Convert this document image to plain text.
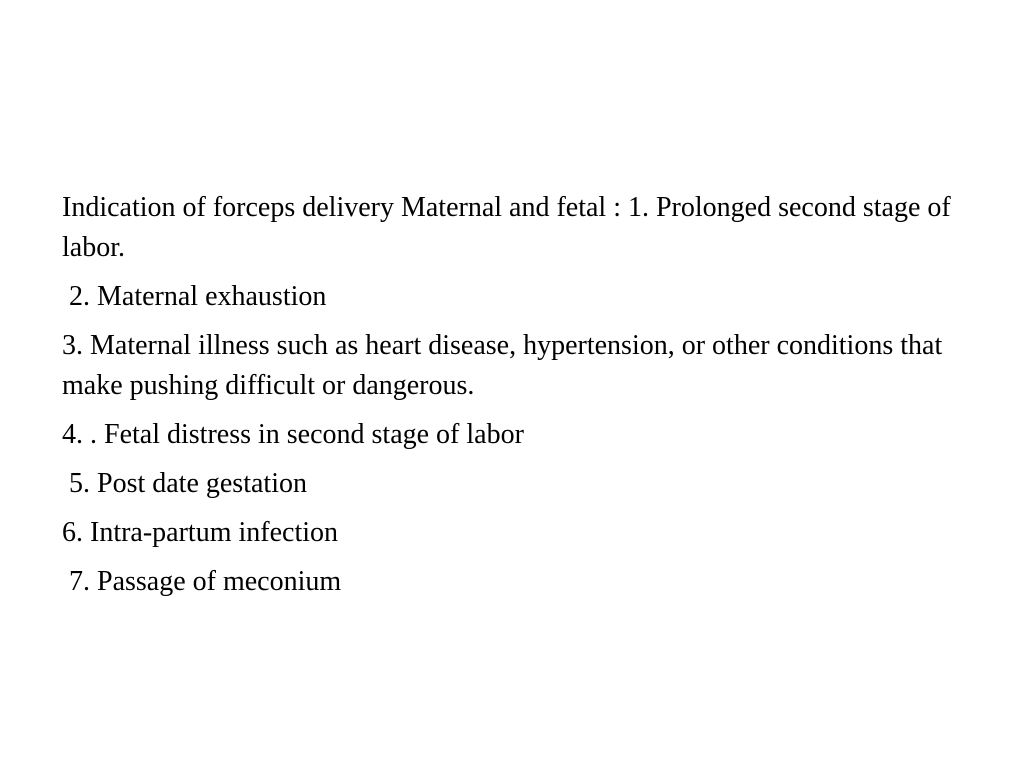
Indication of forceps delivery Maternal and fetal : 1. Prolonged second stage of labor.

2. Maternal exhaustion

3. Maternal illness such as heart disease, hypertension, or other conditions that make pushing difficult or dangerous.

4. . Fetal distress in second stage of labor

5. Post date gestation

6. Intra-partum infection

7. Passage of meconium
